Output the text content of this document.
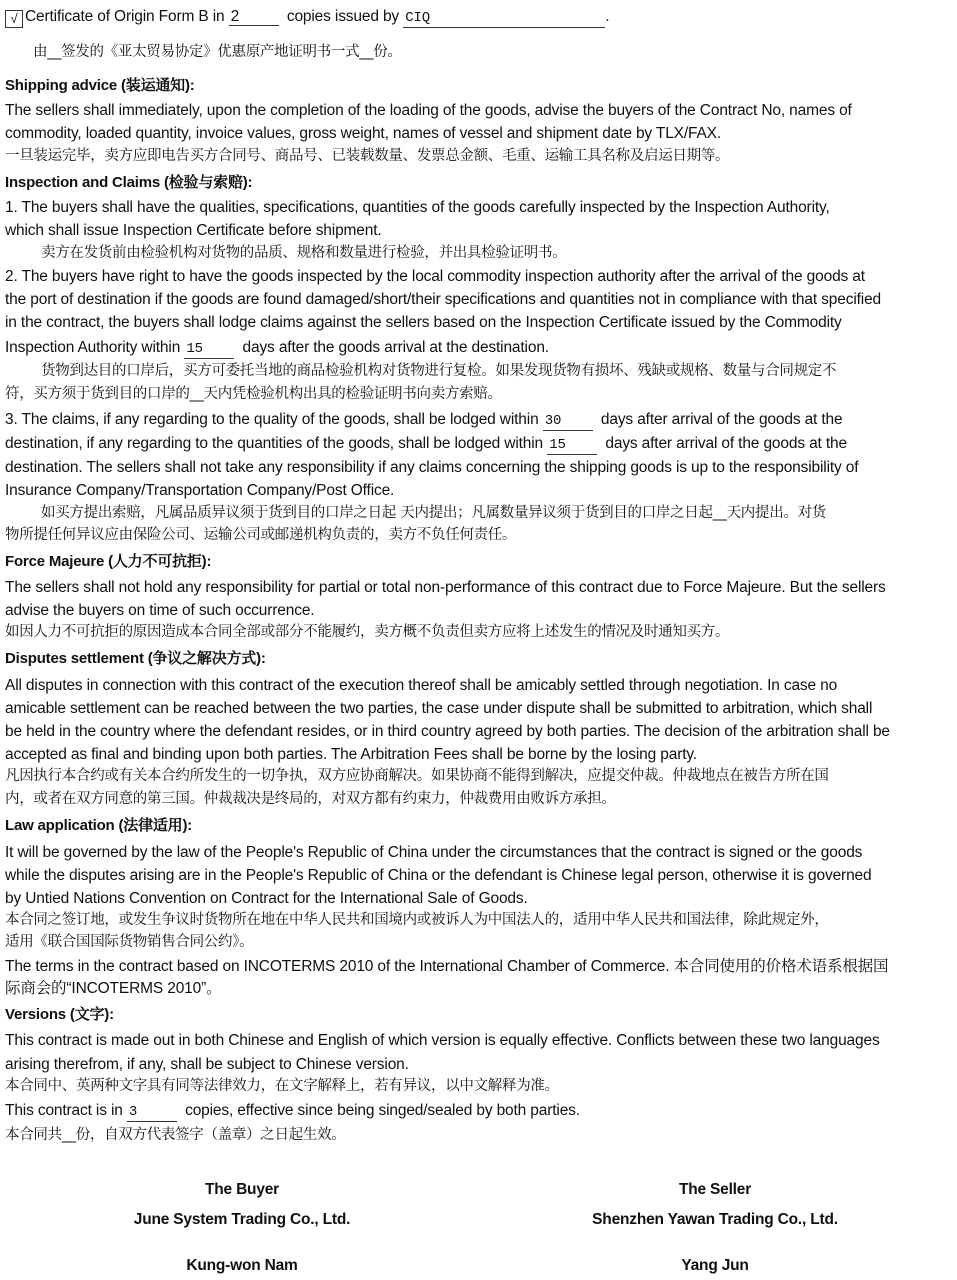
√ Certificate of Origin Form B in 2	copies issued by CIQ	.
由__签发的《亚太贸易协定》优惠原产地证明书一式__份。
Shipping advice (装运通知):
The sellers shall immediately, upon the completion of the loading of the goods, advise the buyers of the Contract No, names of
commodity, loaded quantity, invoice values, gross weight, names of vessel and shipment date by TLX/FAX.
一旦装运完毕，卖方应即电告买方合同号、商品号、已装载数量、发票总金额、毛重、运输工具名称及启运日期等。
Inspection and Claims (检验与索赔):
1. The buyers shall have the qualities, specifications, quantities of the goods carefully inspected by the Inspection Authority,
which shall issue Inspection Certificate before shipment.
卖方在发货前由检验机构对货物的品质、规格和数量进行检验，并出具检验证明书。
2. The buyers have right to have the goods inspected by the local commodity inspection authority after the arrival of the goods at
the port of destination if the goods are found damaged/short/their specifications and quantities not in compliance with that specified
in the contract, the buyers shall lodge claims against the sellers based on the Inspection Certificate issued by the Commodity
Inspection Authority within 15	days after the goods arrival at the destination.
货物到达目的口岸后，买方可委托当地的商品检验机构对货物进行复检。如果发现货物有损坏、残缺或规格、数量与合同规定不
符，买方须于货到目的口岸的__天内凭检验机构出具的检验证明书向卖方索赔。
3. The claims, if any regarding to the quality of the goods, shall be lodged within 30	days after arrival of the goods at the
destination, if any regarding to the quantities of the goods, shall be lodged within 15	days after arrival of the goods at the
destination. The sellers shall not take any responsibility if any claims concerning the shipping goods is up to the responsibility of
Insurance Company/Transportation Company/Post Office.
如买方提出索赔，凡属品质异议须于货到目的口岸之日起 天内提出；凡属数量异议须于货到目的口岸之日起__天内提出。对货
物所提任何异议应由保险公司、运输公司或邮递机构负责的，卖方不负任何责任。
Force Majeure (人力不可抗拒):
The sellers shall not hold any responsibility for partial or total non-performance of this contract due to Force Majeure. But the sellers
advise the buyers on time of such occurrence.
如因人力不可抗拒的原因造成本合同全部或部分不能履约，卖方概不负责但卖方应将上述发生的情况及时通知买方。
Disputes settlement (争议之解决方式):
All disputes in connection with this contract of the execution thereof shall be amicably settled through negotiation. In case no
amicable settlement can be reached between the two parties, the case under dispute shall be submitted to arbitration, which shall
be held in the country where the defendant resides, or in third country agreed by both parties. The decision of the arbitration shall be
accepted as final and binding upon both parties. The Arbitration Fees shall be borne by the losing party.
凡因执行本合约或有关本合约所发生的一切争执，双方应协商解决。如果协商不能得到解决，应提交仲裁。仲裁地点在被告方所在国
内，或者在双方同意的第三国。仲裁裁决是终局的，对双方都有约束力，仲裁费用由败诉方承担。
Law application (法律适用):
It will be governed by the law of the People's Republic of China under the circumstances that the contract is signed or the goods
while the disputes arising are in the People's Republic of China or the defendant is Chinese legal person, otherwise it is governed
by Untied Nations Convention on Contract for the International Sale of Goods.
本合同之签订地，或发生争议时货物所在地在中华人民共和国境内或被诉人为中国法人的，适用中华人民共和国法律，除此规定外，
适用《联合国国际货物销售合同公约》。
The terms in the contract based on INCOTERMS 2010 of the International Chamber of Commerce. 本合同使用的价格术语系根据国
际商会的“INCOTERMS 2010”。
Versions (文字):
This contract is made out in both Chinese and English of which version is equally effective. Conflicts between these two languages
arising therefrom, if any, shall be subject to Chinese version.
本合同中、英两种文字具有同等法律效力，在文字解释上，若有异议，以中文解释为准。
This contract is in 3	copies, effective since being singed/sealed by both parties.
本合同共__份，自双方代表签字（盖章）之日起生效。
The Buyer
June System Trading Co., Ltd.
Kung-won Nam
The Seller
Shenzhen Yawan Trading Co., Ltd.
Yang Jun
